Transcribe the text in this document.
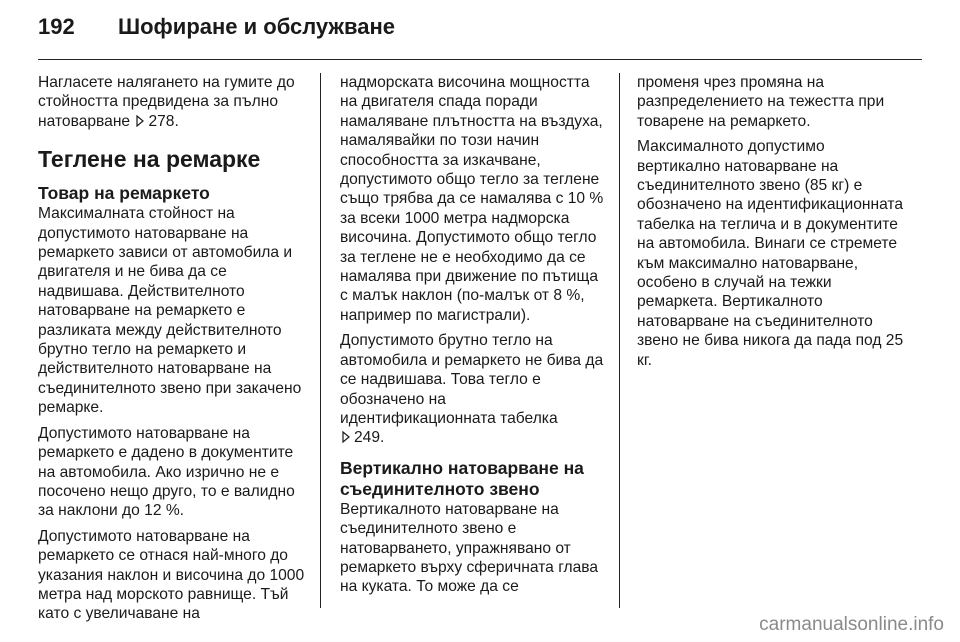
192	Шофиране и обслужване

Нагласете налягането на гумите до стойността предвидена за пълно натоварване 278.

Теглене на ремарке
Товар на ремаркето

Максималната стойност на допустимото натоварване на ремаркето зависи от автомобила и двигателя и не бива да се надвишава. Действителното натоварване на ремаркето е разликата между действителното брутно тегло на ремаркето и действителното натоварване на съединителното звено при закачено ремарке.

Допустимото натоварване на ремаркето е дадено в документите на автомобила. Ако изрично не е посочено нещо друго, то е валидно за наклони до 12 %.

Допустимото натоварване на ремаркето се отнася най-много до указания наклон и височина до 1000 метра над морското равнище. Тъй като с увеличаване на

надморската височина мощността на двигателя спада поради намаляване плътността на въздуха, намалявайки по този начин способността за изкачване, допустимото общо тегло за теглене също трябва да се намалява с 10 % за всеки 1000 метра надморска височина. Допустимото общо тегло за теглене не е необходимо да се намалява при движение по пътища с малък наклон (по-малък от 8 %, например по магистрали).

Допустимото брутно тегло на автомобила и ремаркето не бива да се надвишава. Това тегло е обозначено на идентификационната табелка
249.

Вертикално натоварване на съединителното звено

Вертикалното натоварване на съединителното звено е натоварването, упражнявано от ремаркето върху сферичната глава на куката. То може да се

променя чрез промяна на разпределението на тежестта при товарене на ремаркето.

Максималното допустимо вертикално натоварване на съединителното звено (85 кг) е обозначено на идентификационната табелка на теглича и в документите на автомобила. Винаги се стремете към максимално натоварване, особено в случай на тежки ремаркета. Вертикалното натоварване на съединителното звено не бива никога да пада под 25 кг.

carmanualsonline.info
